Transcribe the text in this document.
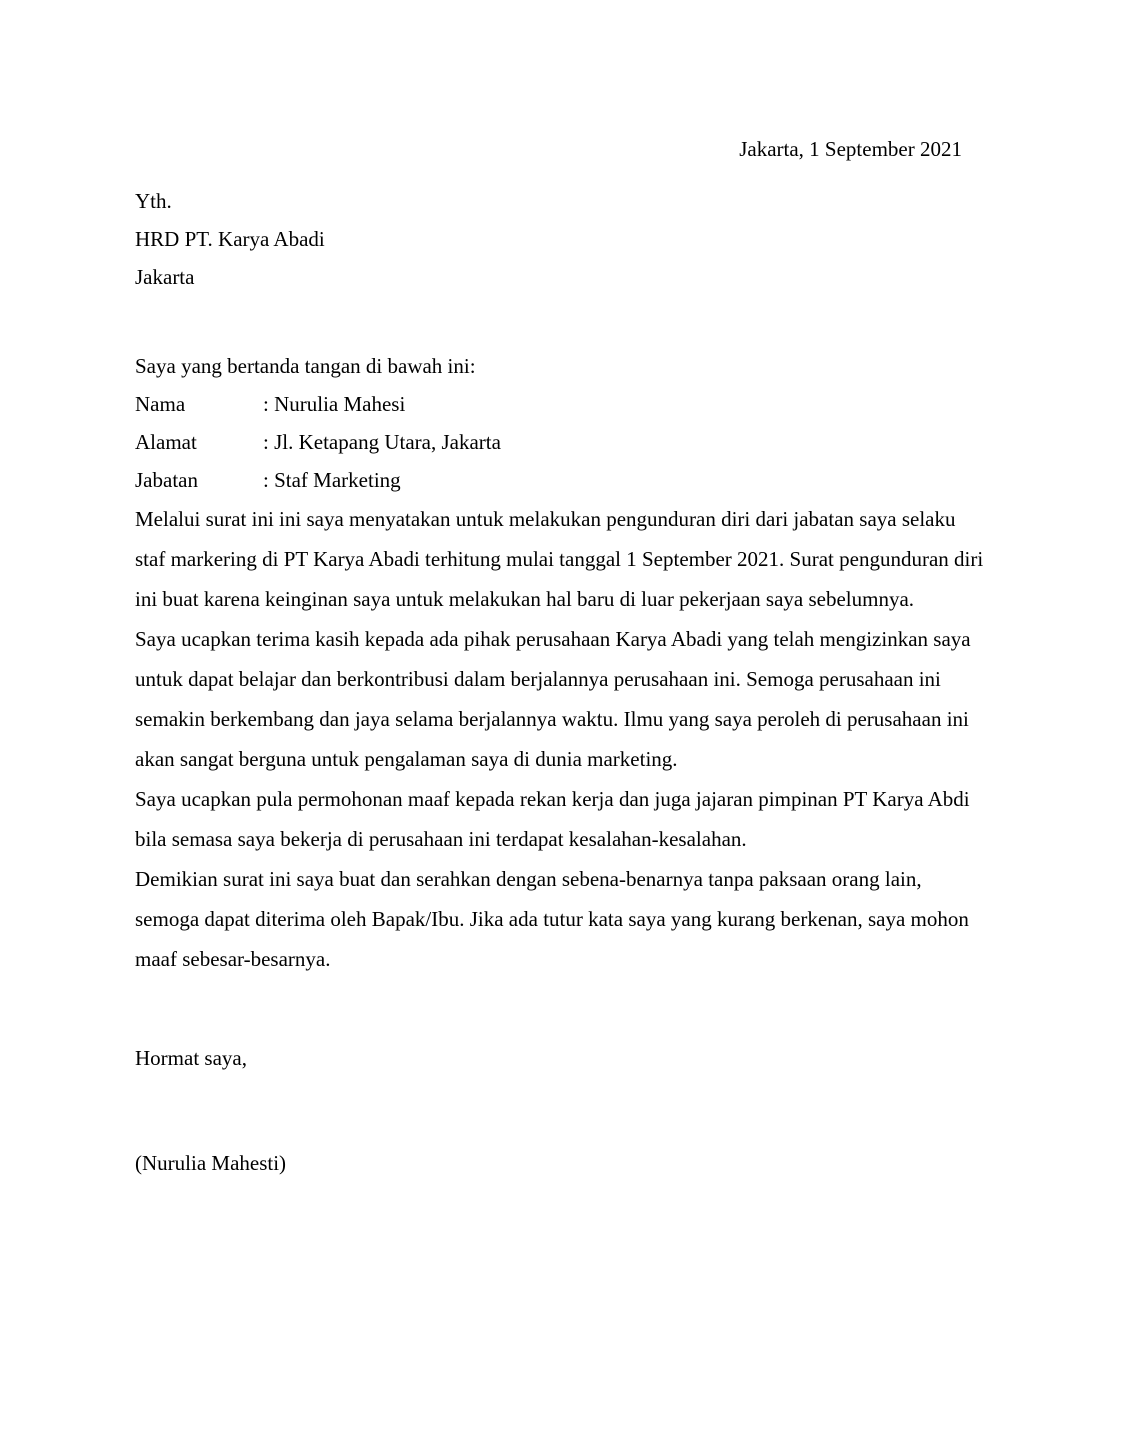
Jakarta, 1 September 2021
Yth.
HRD PT. Karya Abadi
Jakarta
Saya yang bertanda tangan di bawah ini:
Nama	: Nurulia Mahesi
Alamat	: Jl. Ketapang Utara, Jakarta
Jabatan	: Staf Marketing

Melalui surat ini ini saya menyatakan untuk melakukan pengunduran diri dari jabatan saya selaku staf markering di PT Karya Abadi terhitung mulai tanggal 1 September 2021. Surat pengunduran diri ini buat karena keinginan saya untuk melakukan hal baru di luar pekerjaan saya sebelumnya.

Saya ucapkan terima kasih kepada ada pihak perusahaan Karya Abadi yang telah mengizinkan saya untuk dapat belajar dan berkontribusi dalam berjalannya perusahaan ini. Semoga perusahaan ini semakin berkembang dan jaya selama berjalannya waktu. Ilmu yang saya peroleh di perusahaan ini akan sangat berguna untuk pengalaman saya di dunia marketing.

Saya ucapkan pula permohonan maaf kepada rekan kerja dan juga jajaran pimpinan PT Karya Abdi bila semasa saya bekerja di perusahaan ini terdapat kesalahan-kesalahan.

Demikian surat ini saya buat dan serahkan dengan sebena-benarnya tanpa paksaan orang lain, semoga dapat diterima oleh Bapak/Ibu. Jika ada tutur kata saya yang kurang berkenan, saya mohon maaf sebesar-besarnya.

Hormat saya,
(Nurulia Mahesti)
